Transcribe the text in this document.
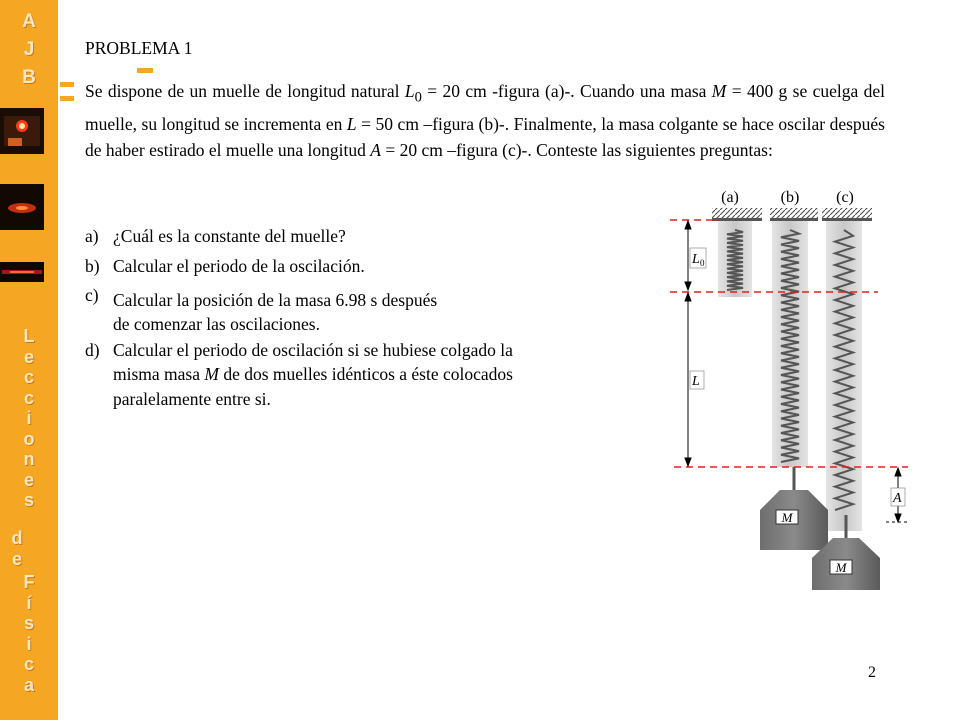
A
J
B
L
e
c
c
i
o
n
e
s
d
e
F
í
s
i
c
a
PROBLEMA 1
Se dispone de un muelle de longitud natural $L_0 = 20$ cm -figura (a)-. Cuando una masa M = 400 g se cuelga del muelle, su longitud se incrementa en L = 50 cm –figura (b)-. Finalmente, la masa colgante se hace oscilar después de haber estirado el muelle una longitud A = 20 cm –figura (c)-. Conteste las siguientes preguntas:
a) ¿Cuál es la constante del muelle?
b) Calcular el periodo de la oscilación.
c) Calcular la posición de la masa 6.98 s después
de comenzar las oscilaciones.
d) Calcular el periodo de oscilación si se hubiese colgado la
misma masa M de dos muelles idénticos a éste colocados
paralelamente entre si.
(a)	(b) (c)
M
M
L 0
L
A
2
